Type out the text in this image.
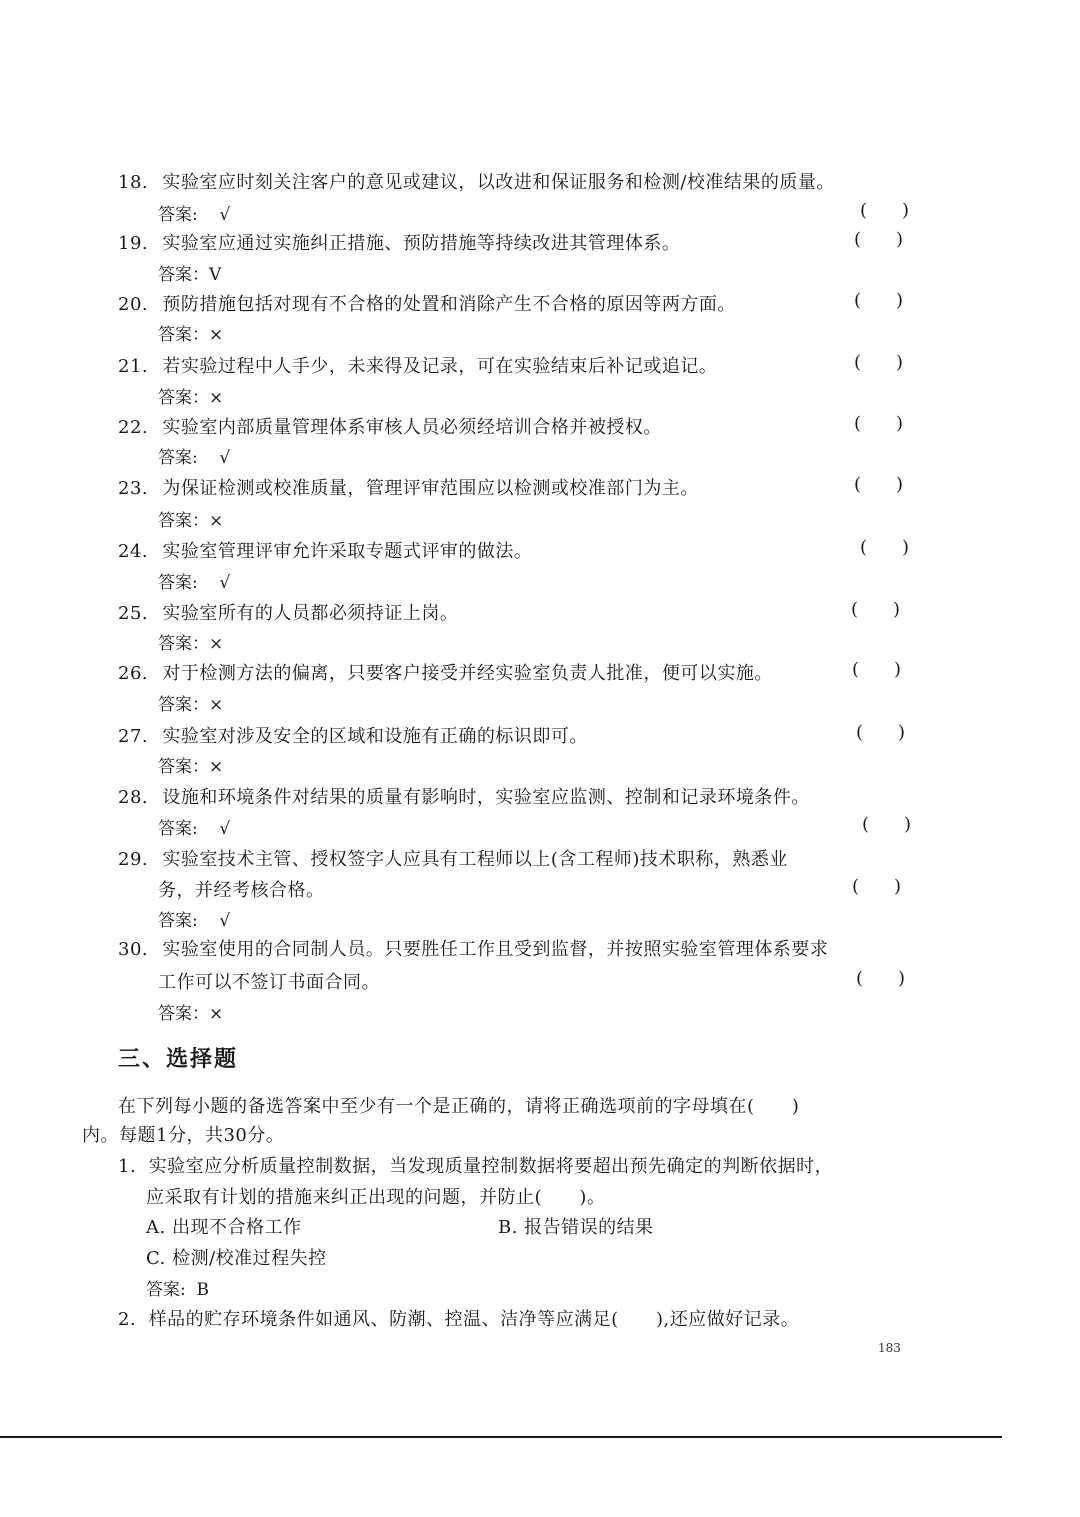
18. 实验室应时刻关注客户的意见或建议，以改进和保证服务和检测/校准结果的质量。
答案:    √	( )
19. 实验室应通过实施纠正措施、预防措施等持续改进其管理体系。	( )
答案：V
20. 预防措施包括对现有不合格的处置和消除产生不合格的原因等两方面。	( )
答案：×
21. 若实验过程中人手少，未来得及记录，可在实验结束后补记或追记。	( )
答案：×
22. 实验室内部质量管理体系审核人员必须经培训合格并被授权。	( )
答案:    √
23. 为保证检测或校准质量，管理评审范围应以检测或校准部门为主。	( )
答案：×
24. 实验室管理评审允许采取专题式评审的做法。	( )
答案:    √
25. 实验室所有的人员都必须持证上岗。	( )
答案：×
26. 对于检测方法的偏离，只要客户接受并经实验室负责人批准，便可以实施。	( )
答案：×
27. 实验室对涉及安全的区域和设施有正确的标识即可。	( )
答案：×
28. 设施和环境条件对结果的质量有影响时，实验室应监测、控制和记录环境条件。
答案:    √	( )
29. 实验室技术主管、授权签字人应具有工程师以上(含工程师)技术职称，熟悉业
务，并经考核合格。	( )
答案:    √
30. 实验室使用的合同制人员。只要胜任工作且受到监督，并按照实验室管理体系要求
工作可以不签订书面合同。	( )
答案：×
三、选择题
在下列每小题的备选答案中至少有一个是正确的，请将正确选项前的字母填在(      )
内。每题1分，共30分。
1.  实验室应分析质量控制数据，当发现质量控制数据将要超出预先确定的判断依据时，
应采取有计划的措施来纠正出现的问题，并防止(      )。
A. 出现不合格工作	B. 报告错误的结果
C. 检测/校准过程失控
答案:  B
2.  样品的贮存环境条件如通风、防潮、控温、洁净等应满足(      ),还应做好记录。
183
